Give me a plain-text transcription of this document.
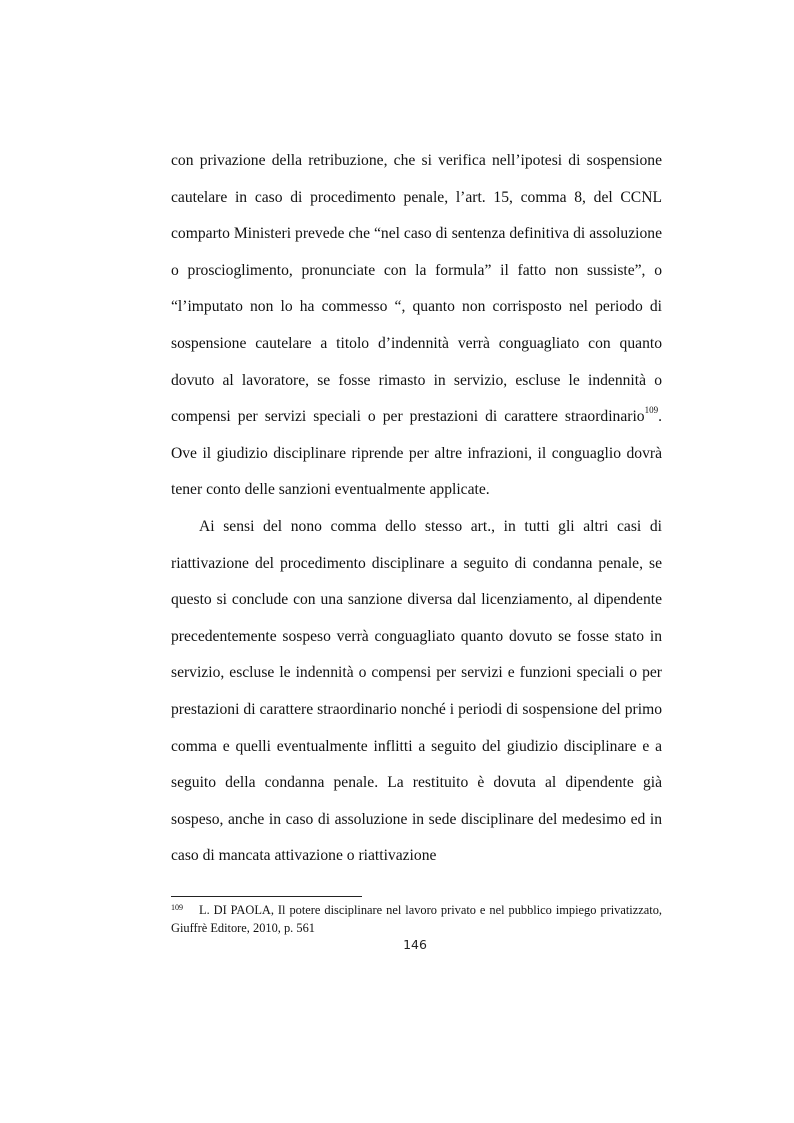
con privazione della retribuzione, che si verifica nell’ipotesi di sospensione cautelare in caso di procedimento penale, l’art. 15, comma 8, del CCNL comparto Ministeri prevede che “nel caso di sentenza definitiva di assoluzione o proscioglimento, pronunciate con la formula” il fatto non sussiste”, o “l’imputato non lo ha commesso “, quanto non corrisposto nel periodo di sospensione cautelare a titolo d’indennità verrà conguagliato con quanto dovuto al lavoratore, se fosse rimasto in servizio, escluse le indennità o compensi per servizi speciali o per prestazioni di carattere straordinario$^{109}$. Ove il giudizio disciplinare riprende per altre infrazioni, il conguaglio dovrà tener conto delle sanzioni eventualmente applicate.

Ai sensi del nono comma dello stesso art., in tutti gli altri casi di riattivazione del procedimento disciplinare a seguito di condanna penale, se questo si conclude con una sanzione diversa dal licenziamento, al dipendente precedentemente sospeso verrà conguagliato quanto dovuto se fosse stato in servizio, escluse le indennità o compensi per servizi e funzioni speciali o per prestazioni di carattere straordinario nonché i periodi di sospensione del primo comma e quelli eventualmente inflitti a seguito del giudizio disciplinare e a seguito della condanna penale. La restituito è dovuta al dipendente già sospeso, anche in caso di assoluzione in sede disciplinare del medesimo ed in caso di mancata attivazione o riattivazione

$^{109}$ L. DI PAOLA, Il potere disciplinare nel lavoro privato e nel pubblico impiego privatizzato, Giuffrè Editore, 2010, p. 561

146
